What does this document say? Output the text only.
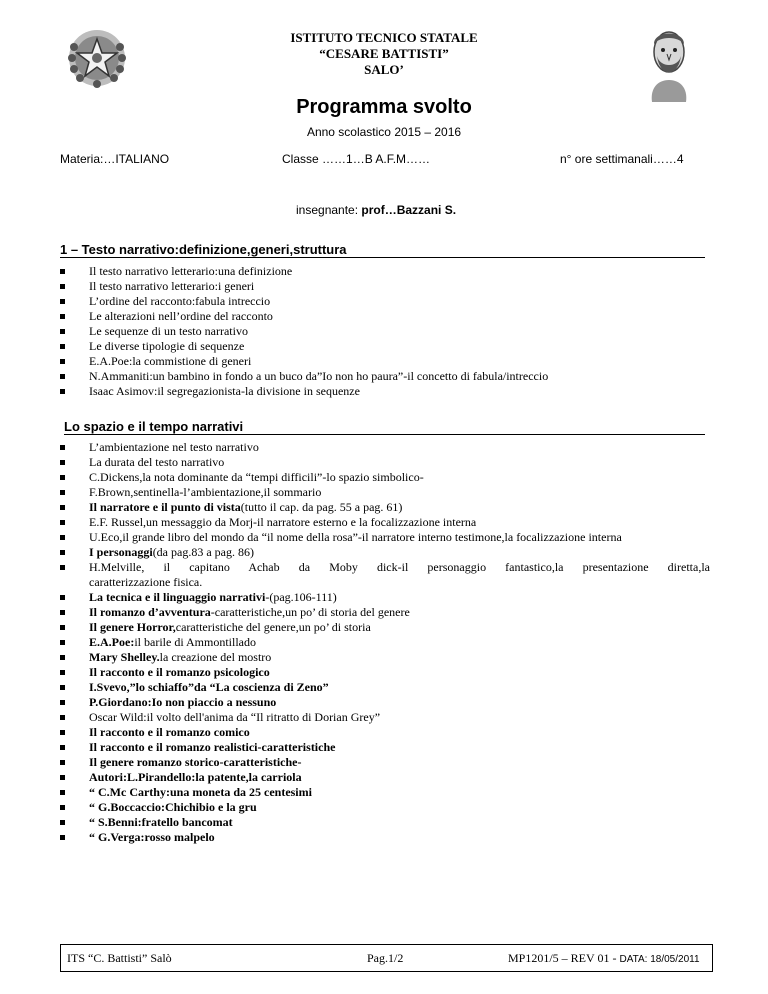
ISTITUTO TECNICO STATALE
“CESARE BATTISTI”
SALO’
Programma svolto
Anno scolastico 2015 – 2016
Materia:…ITALIANO	Classe ……1…B A.F.M……	n° ore settimanali……4
insegnante: prof…Bazzani S.
1 – Testo narrativo:definizione,generi,struttura
Il testo narrativo letterario:una definizione
Il testo narrativo letterario:i generi
L’ordine del racconto:fabula intreccio
Le alterazioni nell’ordine del racconto
Le sequenze di un testo narrativo
Le diverse tipologie di sequenze
E.A.Poe:la commistione di generi
N.Ammaniti:un bambino in fondo a un buco da”Io non ho paura”-il concetto di fabula/intreccio
Isaac Asimov:il segregazionista-la divisione in sequenze
Lo spazio e il tempo narrativi
L’ambientazione nel testo narrativo
La durata del testo narrativo
C.Dickens,la nota dominante da “tempi difficili”-lo spazio simbolico-
F.Brown,sentinella-l’ambientazione,il sommario
Il narratore e il punto di vista(tutto il cap. da pag. 55 a pag. 61)
E.F. Russel,un messaggio da Morj-il narratore esterno e la focalizzazione interna
U.Eco,il grande libro del mondo da “il nome della rosa”-il narratore interno testimone,la focalizzazione interna
I personaggi(da pag.83 a pag. 86)
H.Melville, il capitano Achab da Moby dick-il personaggio fantastico,la presentazione diretta,la
caratterizzazione fisica.
La tecnica e il linguaggio narrativi-(pag.106-111)
Il romanzo d’avventura-caratteristiche,un po’ di storia del genere
Il genere Horror,caratteristiche del genere,un po’ di storia
E.A.Poe:il barile di Ammontillado
Mary Shelley.la creazione del mostro
Il racconto e il romanzo psicologico
I.Svevo,”lo schiaffo”da “La coscienza di Zeno”
P.Giordano:Io non piaccio a nessuno
Oscar Wild:il volto dell'anima da “Il ritratto di Dorian Grey”
Il racconto e il romanzo comico
Il racconto e il romanzo realistici-caratteristiche
Il genere romanzo storico-caratteristiche-
Autori:L.Pirandello:la patente,la carriola
“ C.Mc Carthy:una moneta da 25 centesimi
“ G.Boccaccio:Chichibio e la gru
“ S.Benni:fratello bancomat
“ G.Verga:rosso malpelo
ITS “C. Battisti” Salò	Pag.1/2	MP1201/5 – REV 01 - DATA: 18/05/2011
